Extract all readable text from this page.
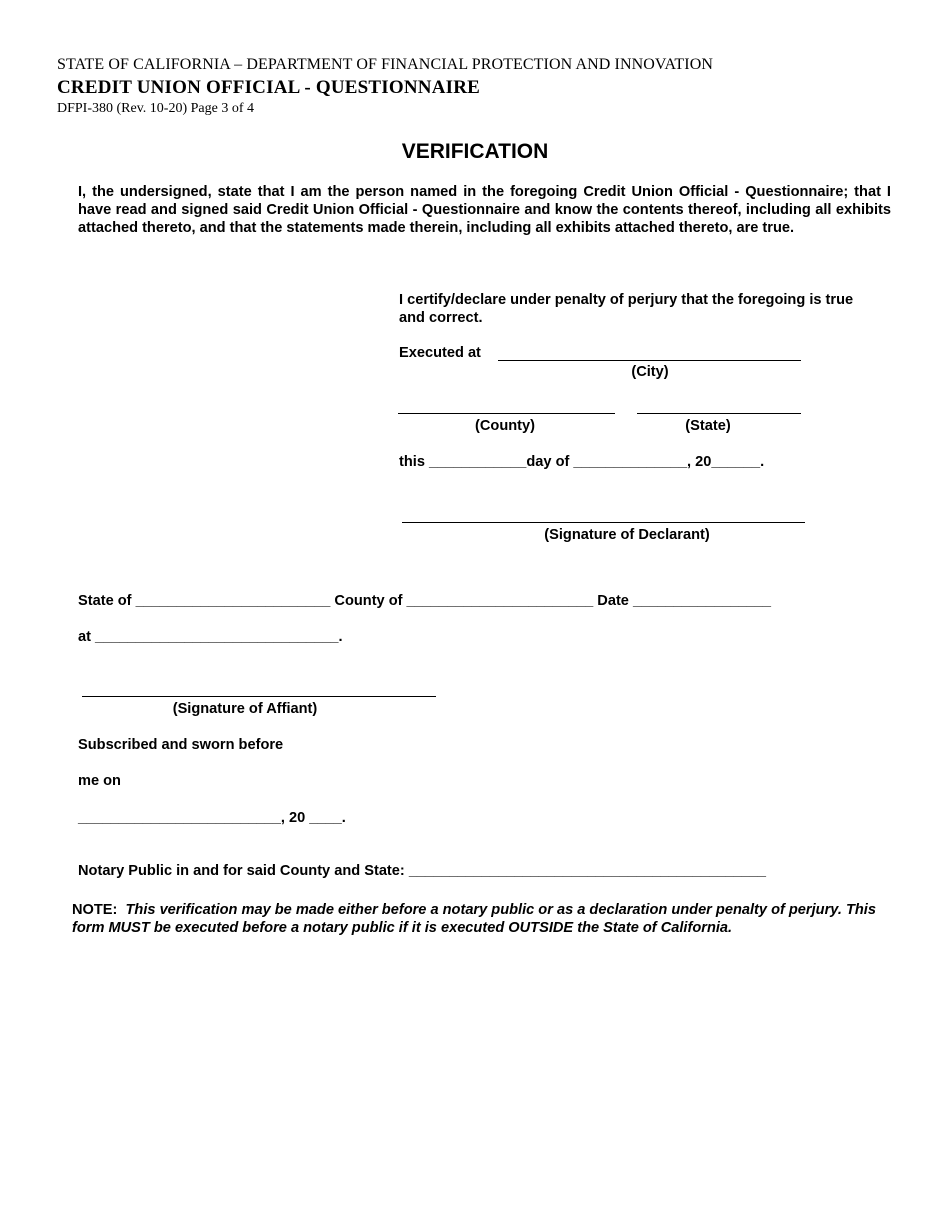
STATE OF CALIFORNIA – DEPARTMENT OF FINANCIAL PROTECTION AND INNOVATION
CREDIT UNION OFFICIAL - QUESTIONNAIRE
DFPI-380 (Rev. 10-20) Page 3 of 4
VERIFICATION
I, the undersigned, state that I am the person named in the foregoing Credit Union Official - Questionnaire; that I have read and signed said Credit Union Official - Questionnaire and know the contents thereof, including all exhibits attached thereto, and that the statements made therein, including all exhibits attached thereto, are true.
I certify/declare under penalty of perjury that the foregoing is true and correct.
Executed at
(City)
(County)	(State)
this ____________day of ______________, 20______.
(Signature of Declarant)
State of ________________________ County of _______________________ Date _________________
at ______________________________.
(Signature of Affiant)
Subscribed and sworn before
me on
_________________________, 20 ____.
Notary Public in and for said County and State: ____________________________________________
NOTE: This verification may be made either before a notary public or as a declaration under penalty of perjury. This form MUST be executed before a notary public if it is executed OUTSIDE the State of California.
